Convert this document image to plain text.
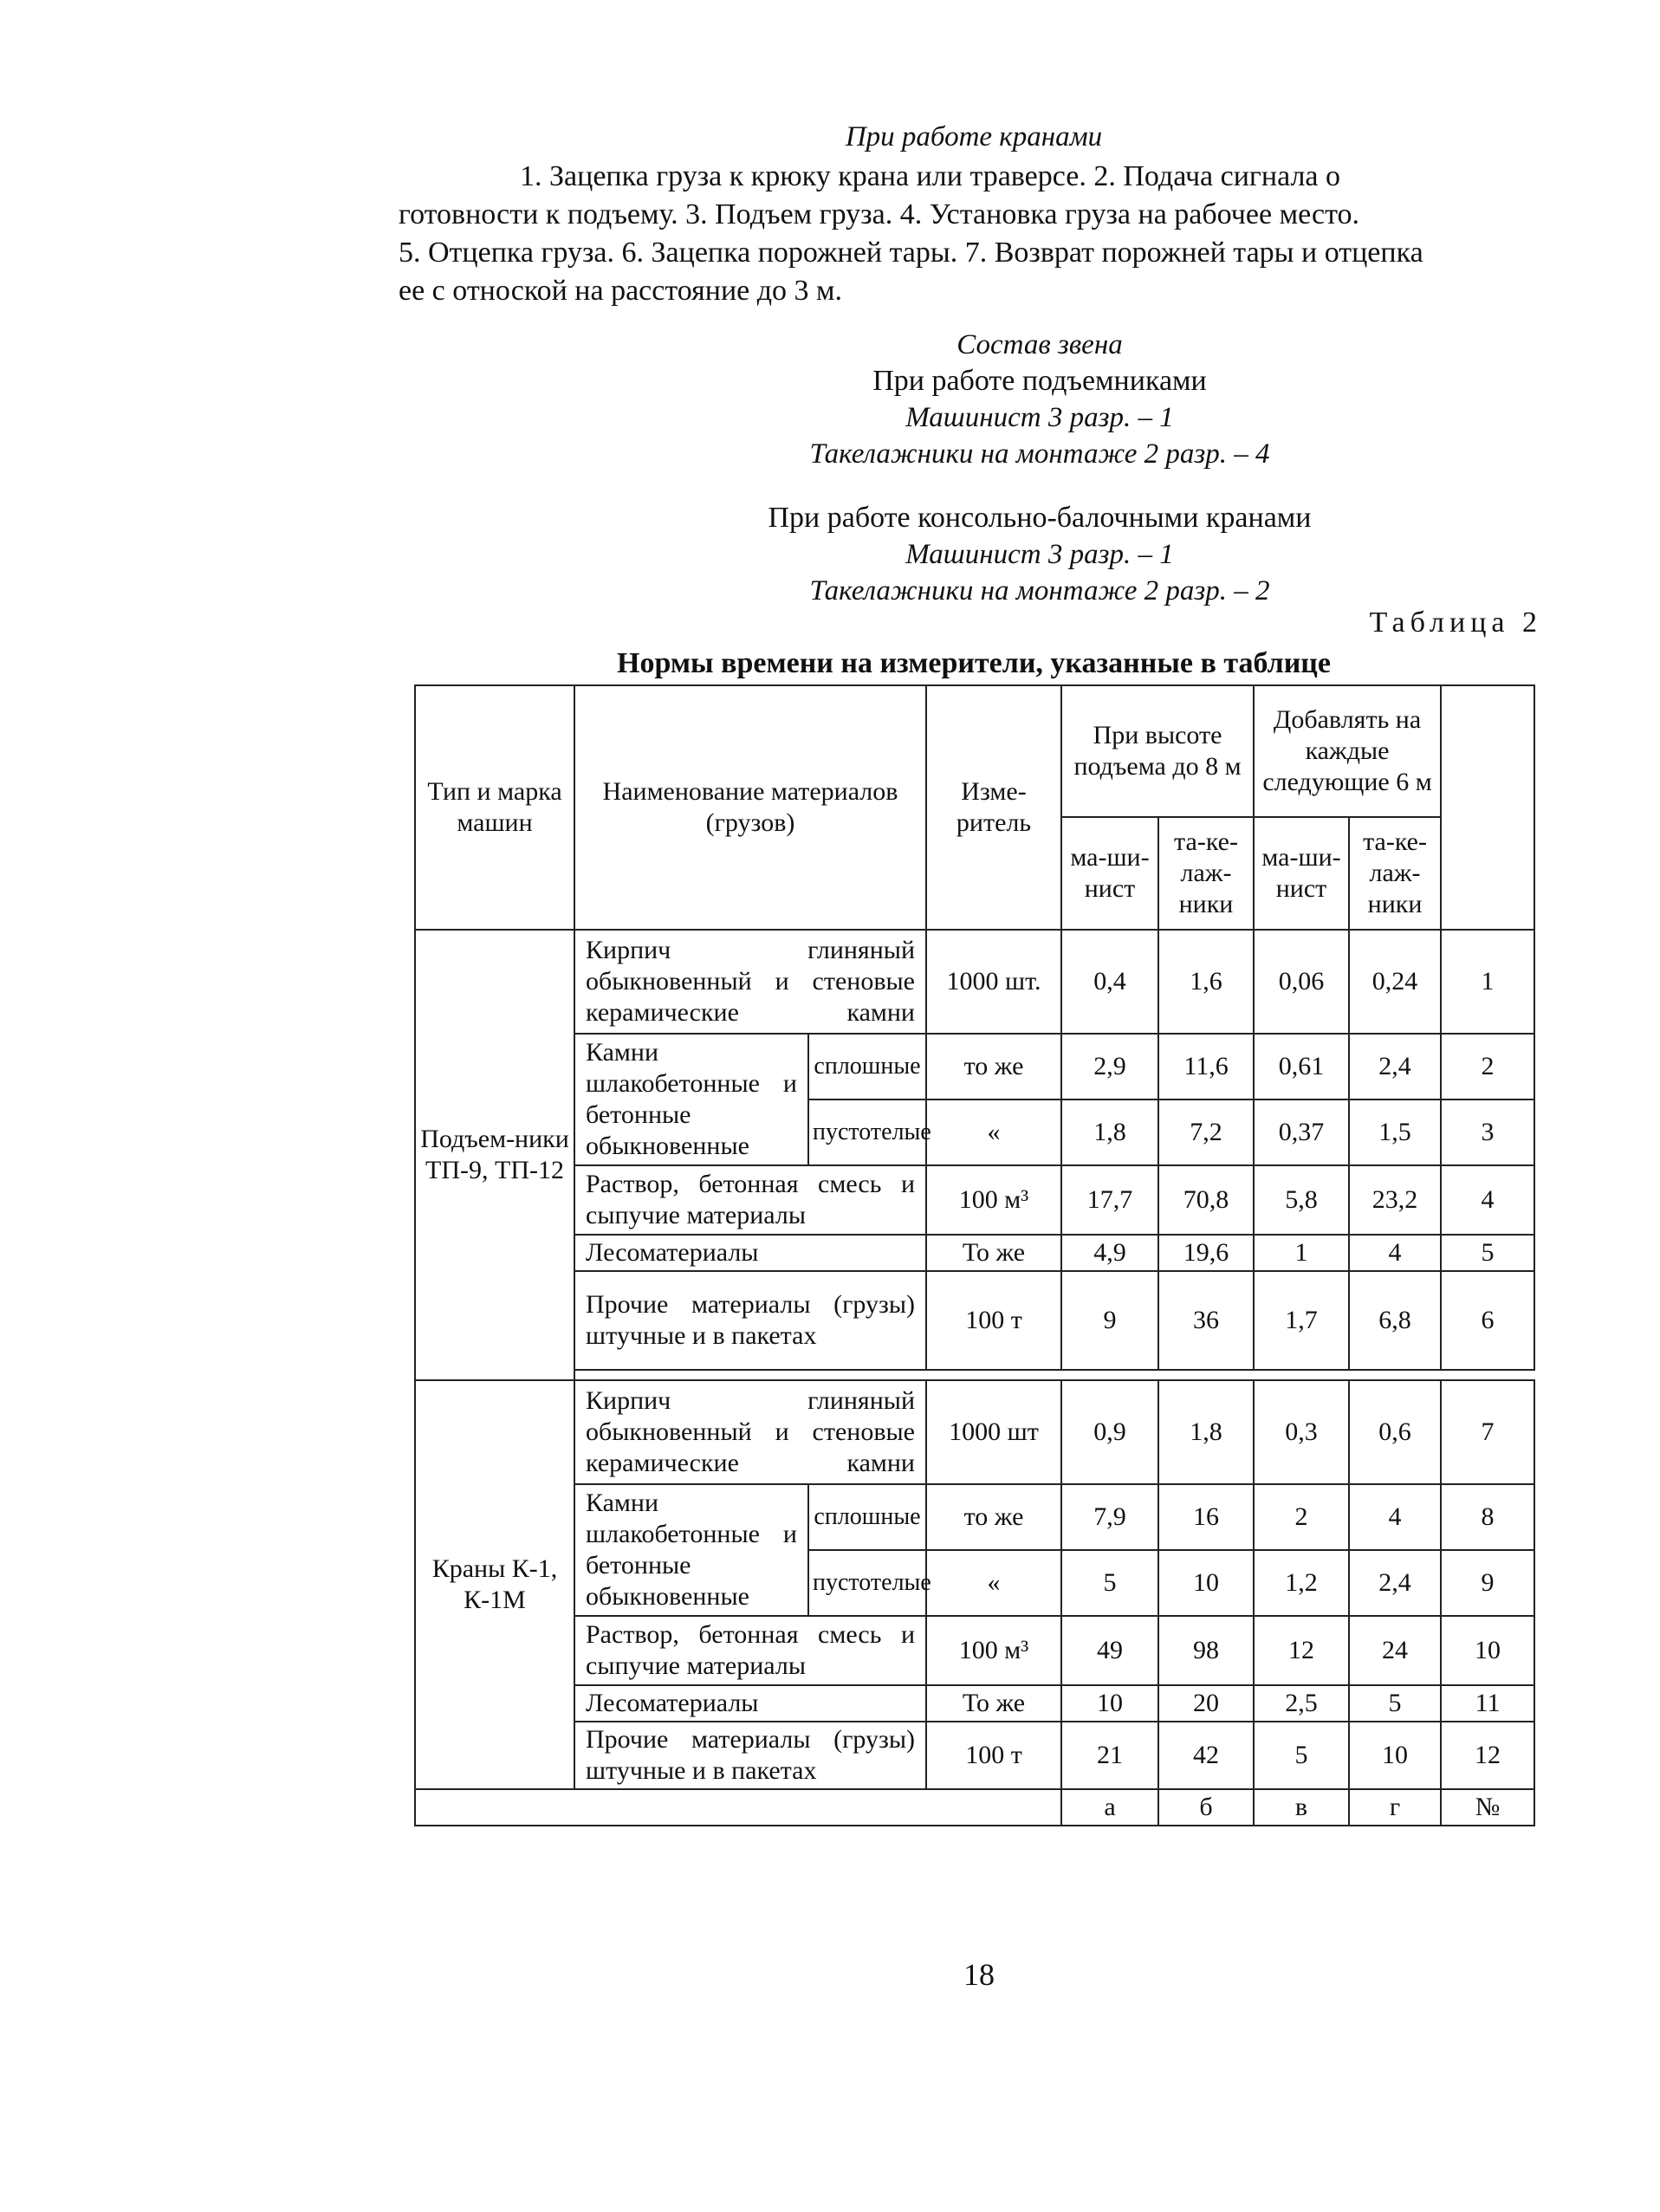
При работе кранами
1. Зацепка груза к крюку крана или траверсе. 2. Подача сигнала о
готовности к подъему. 3. Подъем груза. 4. Установка груза на рабочее место.
5. Отцепка груза. 6. Зацепка порожней тары. 7. Возврат порожней тары и отцепка
ее с отноской на расстояние до 3 м.
Состав звена
При работе подъемниками
Машинист 3 разр. – 1
Такелажники на монтаже 2 разр. – 4
При работе консольно-балочными кранами
Машинист 3 разр. – 1
Такелажники на монтаже 2 разр. – 2
Таблица 2
Нормы времени на измерители, указанные в таблице
Тип и марка машин	Наименование материалов (грузов)		Изме-ритель	При высоте подъема до 8 м		Добавлять на каждые следующие 6 м		
				ма-ши-нист	та-ке-лаж-ники	ма-ши-нист	та-ке-лаж-ники	
Подъем-ники ТП-9, ТП-12	Кирпич глиняный обыкновенный и стеновые керамические камни		1000 шт.	0,4	1,6	0,06	0,24	1
	Камни шлакобетонные и бетонные обыкновенные	сплошные	то же	2,9	11,6	0,61	2,4	2
		пустотелые	«	1,8	7,2	0,37	1,5	3
	Раствор, бетонная смесь и сыпучие материалы		100 м³	17,7	70,8	5,8	23,2	4
	Лесоматериалы		То же	4,9	19,6	1	4	5
	Прочие материалы (грузы) штучные и в пакетах		100 т	9	36	1,7	6,8	6

Краны К-1, К-1М	Кирпич глиняный обыкновенный и стеновые керамические камни		1000 шт	0,9	1,8	0,3	0,6	7
	Камни шлакобетонные и бетонные обыкновенные	сплошные	то же	7,9	16	2	4	8
		пустотелые	«	5	10	1,2	2,4	9
	Раствор, бетонная смесь и сыпучие материалы		100 м³	49	98	12	24	10
	Лесоматериалы		То же	10	20	2,5	5	11
	Прочие материалы (грузы) штучные и в пакетах		100 т	21	42	5	10	12
				а	б	в	г	№
18
